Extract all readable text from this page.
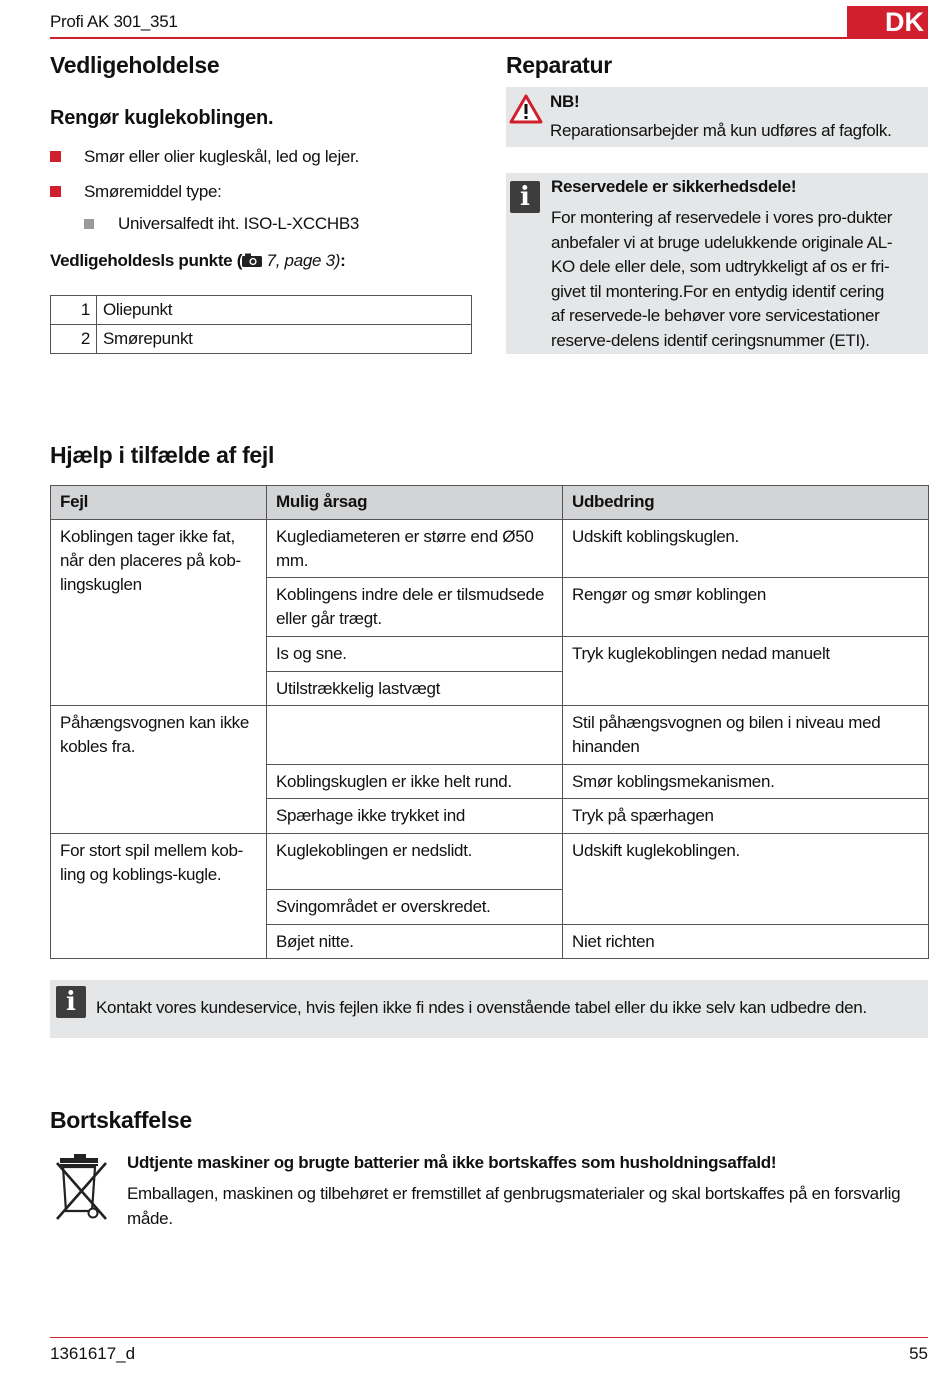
Profi AK 301_351	DK
Vedligeholdelse
Rengør kuglekoblingen.
Smør eller olier kugleskål, led og lejer.
Smøremiddel type:
Universalfedt iht. ISO-L-XCCHB3
Vedligeholdesls punkte ( 7, page 3):
1	Oliepunkt
2	Smørepunkt
Reparatur
NB!
Reparationsarbejder må kun udføres af fagfolk.
i	Reservedele er sikkerhedsdele!
For montering af reservedele i vores pro-dukter
anbefaler vi at bruge udelukkende originale AL-
KO dele eller dele, som udtrykkeligt af os er fri-
givet til montering.For en entydig identif cering
af reservede-le behøver vore servicestationer
reserve-delens identif ceringsnummer (ETI).
Hjælp i tilfælde af fejl
Fejl	Mulig årsag	Udbedring
Koblingen tager ikke fat, når den placeres på kob-lingskuglen	Kuglediameteren er større end Ø50 mm.	Udskift koblingskuglen.
	Koblingens indre dele er tilsmudsede eller går trægt.	Rengør og smør koblingen
	Is og sne.	Tryk kuglekoblingen nedad manuelt
	Utilstrækkelig lastvægt	
Påhængsvognen kan ikke kobles fra.		Stil påhængsvognen og bilen i niveau med hinanden
	Koblingskuglen er ikke helt rund.	Smør koblingsmekanismen.
	Spærhage ikke trykket ind	Tryk på spærhagen
For stort spil mellem kob-ling og koblings-kugle.	Kuglekoblingen er nedslidt.	Udskift kuglekoblingen.
	Svingområdet er overskredet.	
	Bøjet nitte.	Niet richten
i	Kontakt vores kundeservice, hvis fejlen ikke fi ndes i ovenstående tabel eller du ikke selv kan udbedre den.
Bortskaffelse
Udtjente maskiner og brugte batterier må ikke bortskaffes som husholdningsaffald!
Emballagen, maskinen og tilbehøret er fremstillet af genbrugsmaterialer og skal bortskaffes på en forsvarlig måde.
1361617_d	55
